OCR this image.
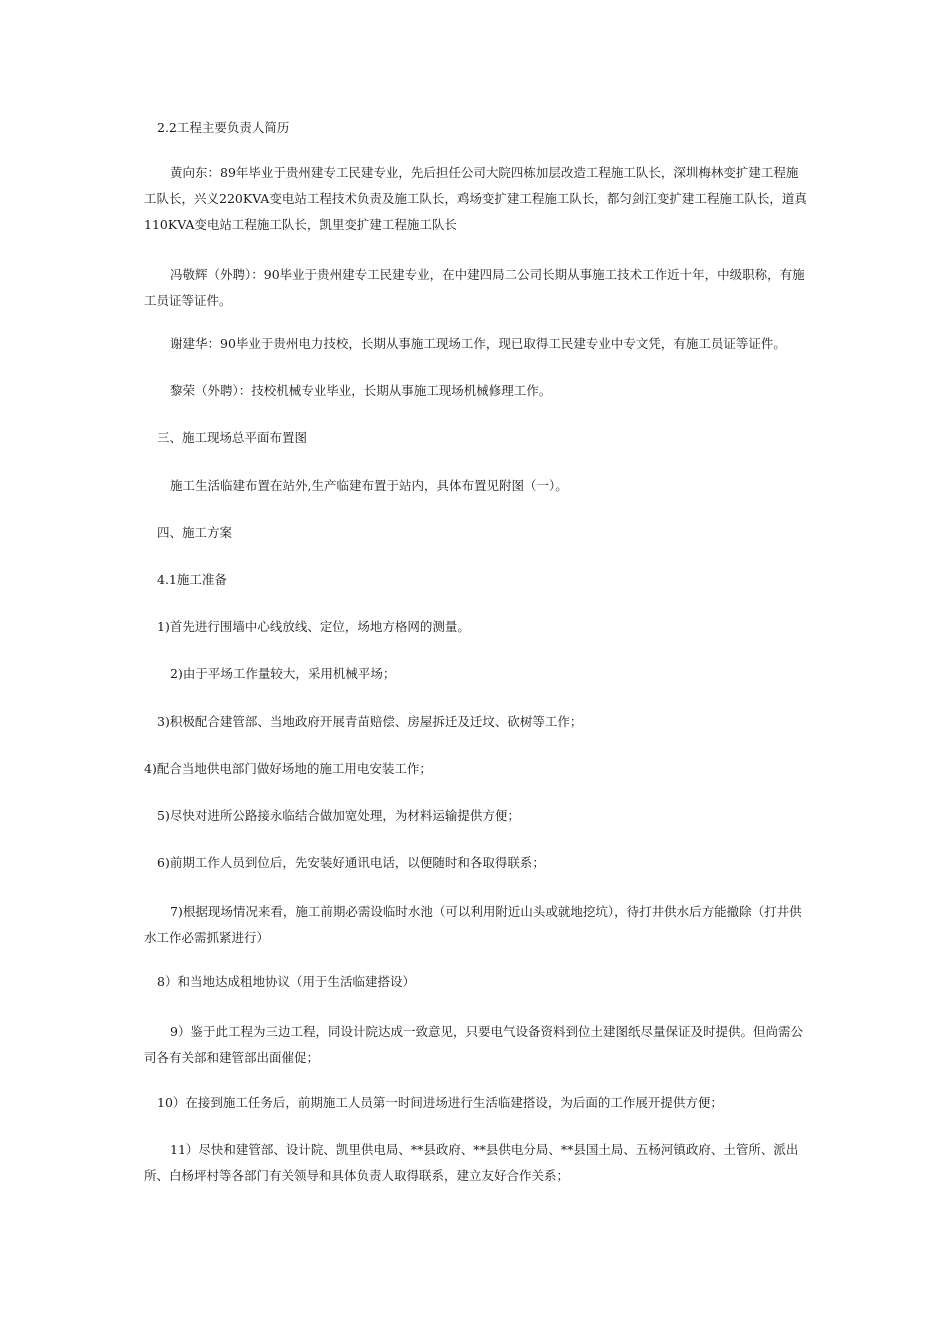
2.2工程主要负责人简历

黄向东：89年毕业于贵州建专工民建专业，先后担任公司大院四栋加层改造工程施工队长，深圳梅林变扩建工程施工队长，兴义220KVA变电站工程技术负责及施工队长，鸡场变扩建工程施工队长，都匀剑江变扩建工程施工队长，道真110KVA变电站工程施工队长，凯里变扩建工程施工队长

冯敬辉（外聘）：90毕业于贵州建专工民建专业，在中建四局二公司长期从事施工技术工作近十年，中级职称，有施工员证等证件。

谢建华：90毕业于贵州电力技校，长期从事施工现场工作，现已取得工民建专业中专文凭，有施工员证等证件。
黎荣（外聘）：技校机械专业毕业，长期从事施工现场机械修理工作。
三、施工现场总平面布置图
施工生活临建布置在站外,生产临建布置于站内，具体布置见附图（一）。
四、施工方案
4.1施工准备
1)首先进行围墙中心线放线、定位，场地方格网的测量。
2)由于平场工作量较大，采用机械平场；
3)积极配合建管部、当地政府开展青苗赔偿、房屋拆迁及迁坟、砍树等工作；
4)配合当地供电部门做好场地的施工用电安装工作；
5)尽快对进所公路接永临结合做加宽处理，为材料运输提供方便；
6)前期工作人员到位后，先安装好通讯电话，以便随时和各取得联系；

7)根据现场情况来看，施工前期必需设临时水池（可以利用附近山头或就地挖坑），待打井供水后方能撤除（打井供水工作必需抓紧进行）

8）和当地达成租地协议（用于生活临建搭设）

9）鉴于此工程为三边工程，同设计院达成一致意见，只要电气设备资料到位土建图纸尽量保证及时提供。但尚需公司各有关部和建管部出面催促；

10）在接到施工任务后，前期施工人员第一时间进场进行生活临建搭设，为后面的工作展开提供方便；

11）尽快和建管部、设计院、凯里供电局、**县政府、**县供电分局、**县国土局、五杨河镇政府、土管所、派出所、白杨坪村等各部门有关领导和具体负责人取得联系，建立友好合作关系；
